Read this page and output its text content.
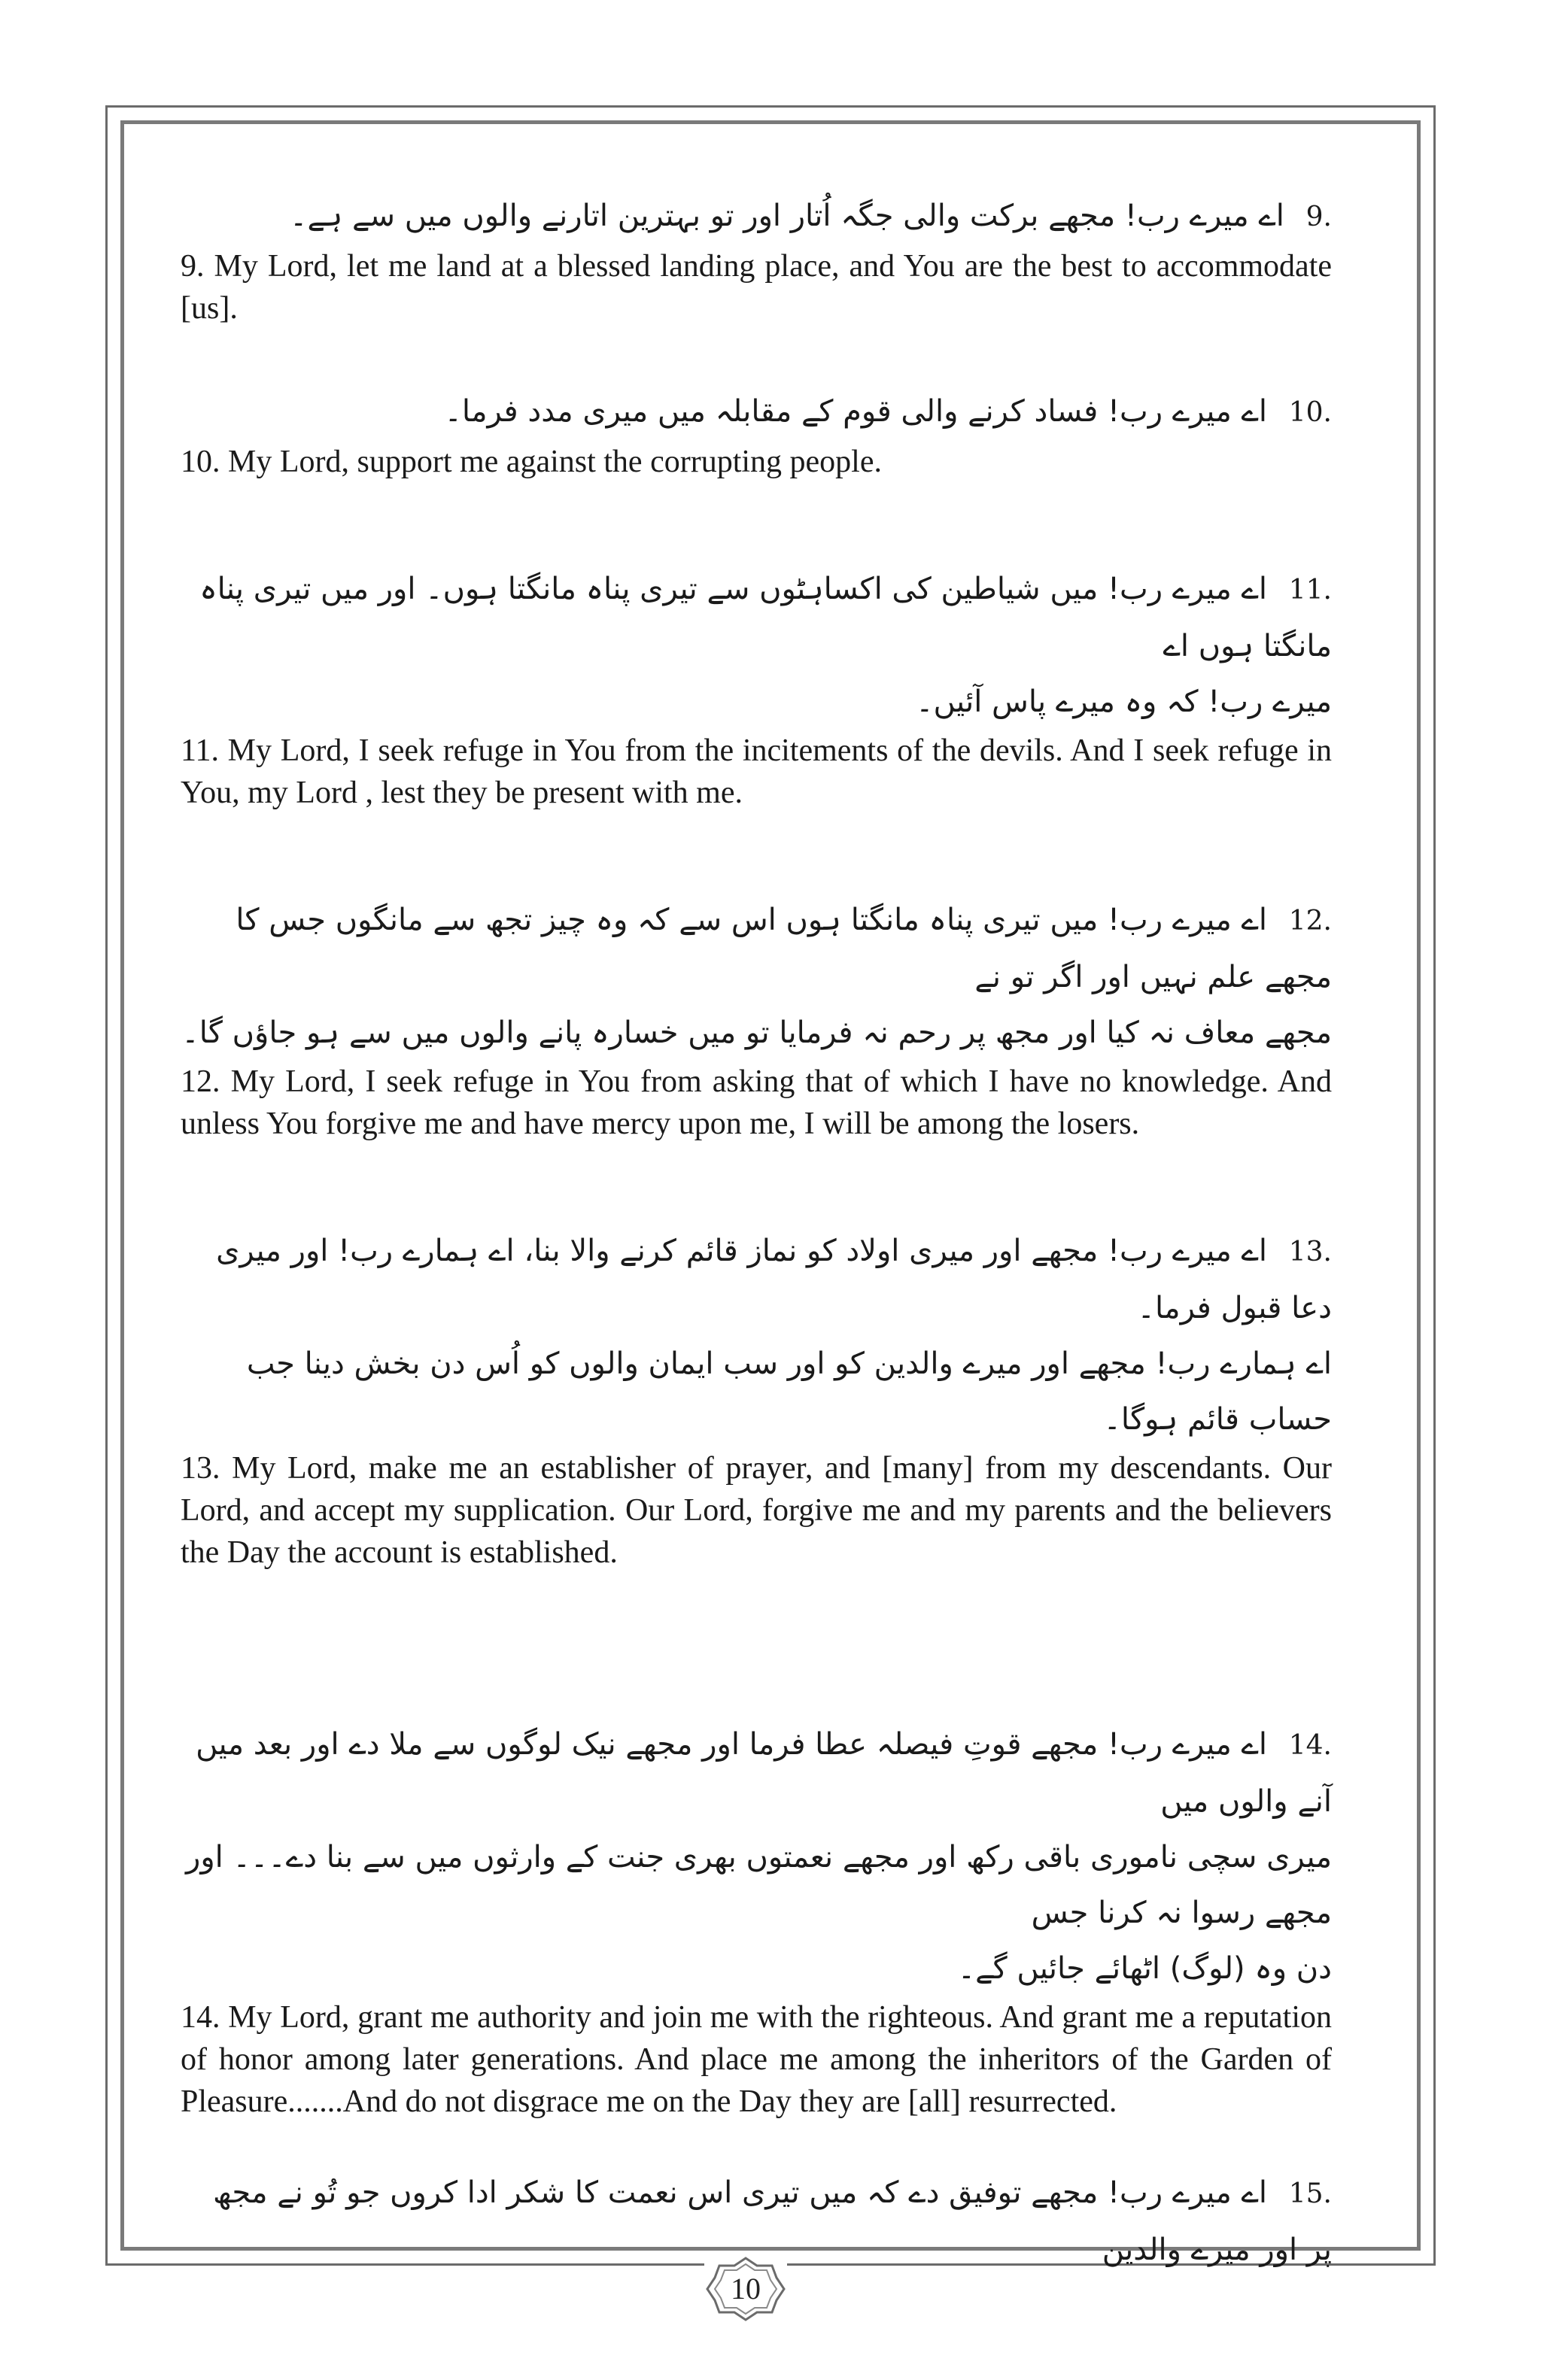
9. اے میرے رب! مجھے برکت والی جگہ اُتار اور تو بہترین اتارنے والوں میں سے ہے۔

9. My Lord, let me land at a blessed landing place, and You are the best to accommodate [us].

10. اے میرے رب! فساد کرنے والی قوم کے مقابلہ میں میری مدد فرما۔

10. My Lord, support me against the corrupting people.

11. اے میرے رب! میں شیاطین کی اکساہٹوں سے تیری پناہ مانگتا ہوں۔ اور میں تیری پناہ مانگتا ہوں اے
میرے رب! کہ وہ میرے پاس آئیں۔

11. My Lord, I seek refuge in You from the incitements of the devils. And I seek refuge in You, my Lord , lest they be present with me.

12. اے میرے رب! میں تیری پناہ مانگتا ہوں اس سے کہ وہ چیز تجھ سے مانگوں جس کا مجھے علم نہیں اور اگر تو نے
مجھے معاف نہ کیا اور مجھ پر رحم نہ فرمایا تو میں خسارہ پانے والوں میں سے ہو جاؤں گا۔

12. My Lord, I seek refuge in You from asking that of which I have no knowledge. And unless You forgive me and have mercy upon me, I will be among the losers.

13. اے میرے رب! مجھے اور میری اولاد کو نماز قائم کرنے والا بنا، اے ہمارے رب! اور میری دعا قبول فرما۔
اے ہمارے رب! مجھے اور میرے والدین کو اور سب ایمان والوں کو اُس دن بخش دینا جب حساب قائم ہوگا۔

13. My Lord, make me an establisher of prayer, and [many] from my descendants. Our Lord, and accept my supplication. Our Lord, forgive me and my parents and the believers the Day the account is established.

14. اے میرے رب! مجھے قوتِ فیصلہ عطا فرما اور مجھے نیک لوگوں سے ملا دے اور بعد میں آنے والوں میں
میری سچی ناموری باقی رکھ اور مجھے نعمتوں بھری جنت کے وارثوں میں سے بنا دے۔۔۔ اور مجھے رسوا نہ کرنا جس
دن وہ (لوگ) اٹھائے جائیں گے۔

14. My Lord, grant me authority and join me with the righteous. And grant me a reputation of honor among later generations. And place me among the inheritors of the Garden of Pleasure.......And do not disgrace me on the Day they are [all] resurrected.

15. اے میرے رب! مجھے توفیق دے کہ میں تیری اس نعمت کا شکر ادا کروں جو تُو نے مجھ پر اور میرے والدین

10
